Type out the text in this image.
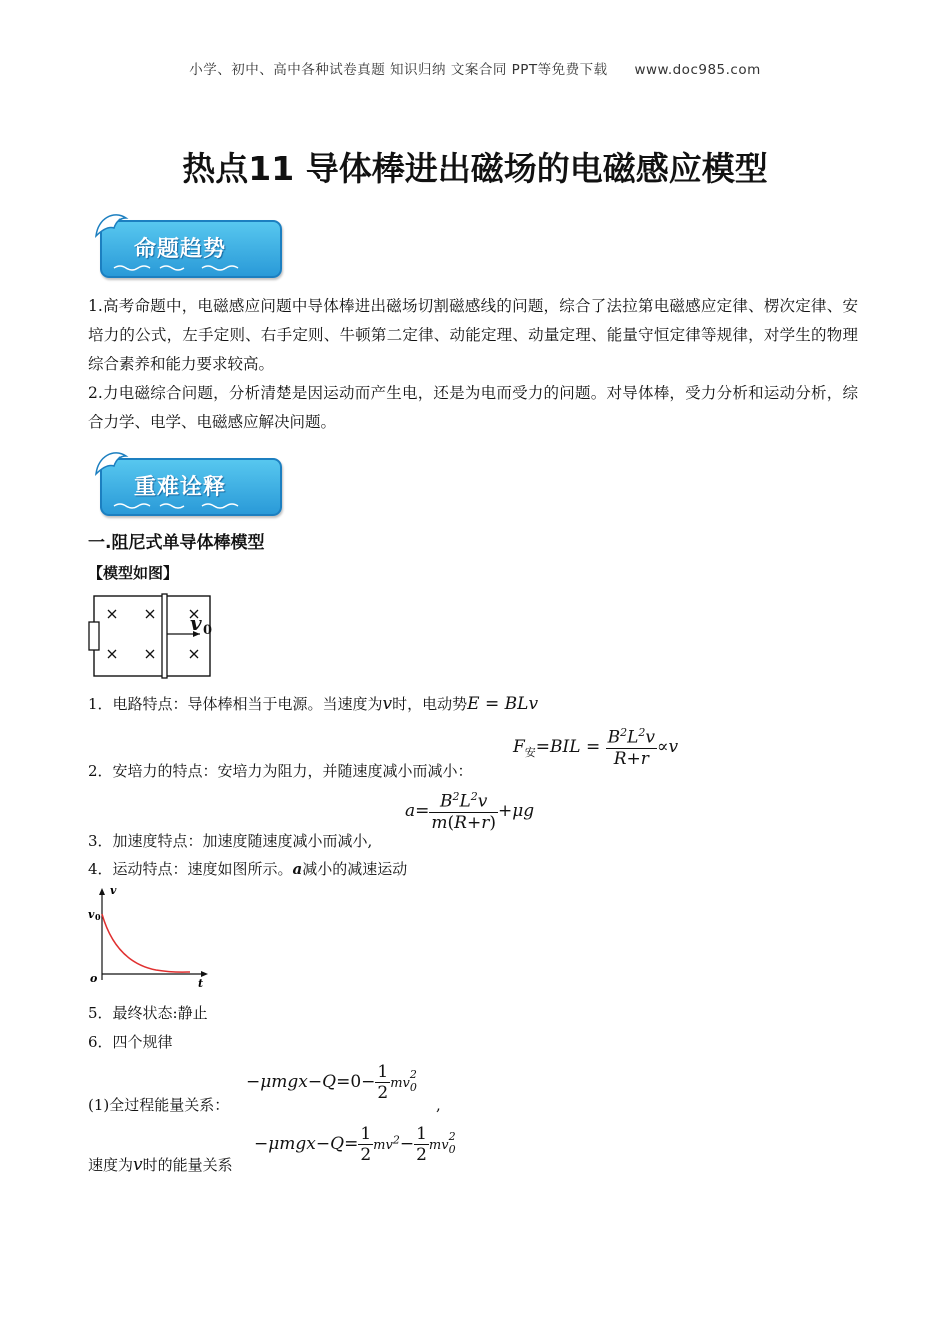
小学、初中、高中各种试卷真题 知识归纳 文案合同 PPT等免费下载 www.doc985.com
热点11 导体棒进出磁场的电磁感应模型
命题趋势
1.高考命题中，电磁感应问题中导体棒进出磁场切割磁感线的问题，综合了法拉第电磁感应定律、楞次定律、安培力的公式，左手定则、右手定则、牛顿第二定律、动能定理、动量定理、能量守恒定律等规律，对学生的物理综合素养和能力要求较高。
2.力电磁综合问题，分析清楚是因运动而产生电，还是为电而受力的问题。对导体棒，受力分析和运动分析，综合力学、电学、电磁感应解决问题。
重难诠释
一.阻尼式单导体棒模型
【模型如图】
v 0
1．电路特点：导体棒相当于电源。当速度为v时，电动势E = BLv
2．安培力的特点：安培力为阻力，并随速度减小而减小：
$F_安=BIL = \frac{B^2L^2v}{R+r} \propto v$
3．加速度特点：加速度随速度减小而减小,
$a= \frac{B^2L^2v}{m(R+r)} +\mu g$
4．运动特点：速度如图所示。a减小的减速运动
v
v 0
o	t
5．最终状态:静止
6．四个规律
(1)全过程能量关系：
$-\mu mgx-Q=0- \frac{1}{2} mv_0^2$
,
速度为v时的能量关系
$-\mu mgx-Q= \frac{1}{2} mv^2- \frac{1}{2} mv_0^2$
